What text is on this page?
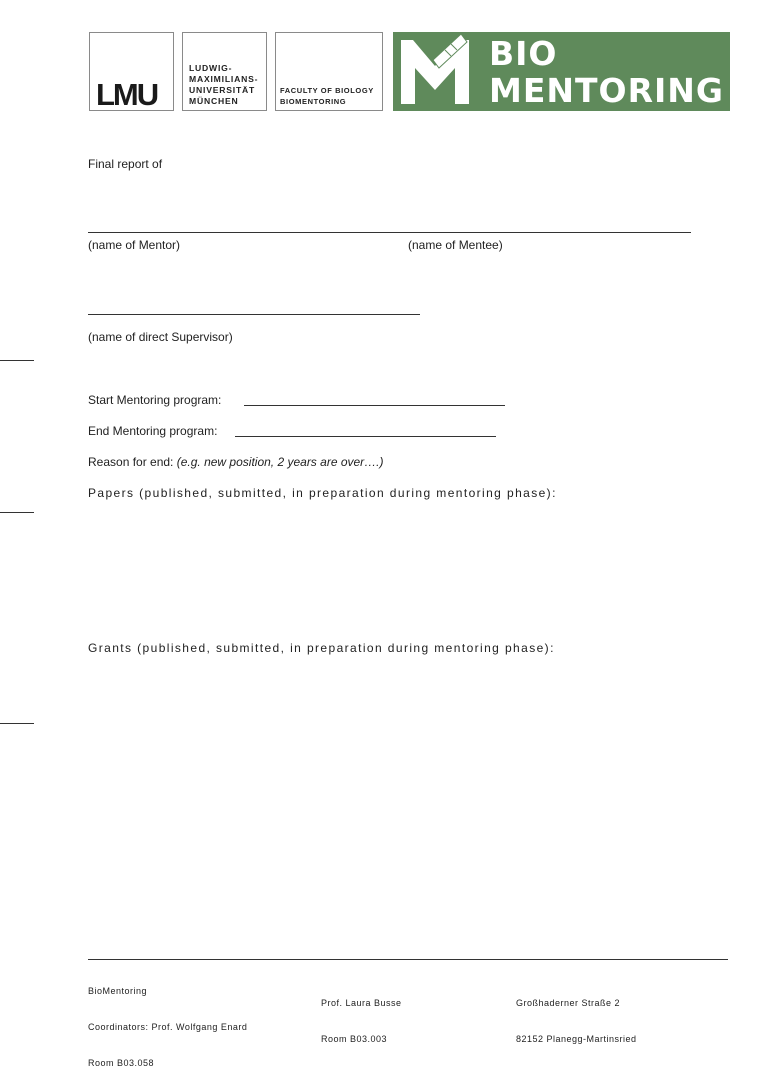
LMU
LUDWIG-
MAXIMILIANS-
UNIVERSITÄT
MÜNCHEN
FACULTY OF BIOLOGY
BIOMENTORING
BIO
MENTORING
Final report of
(name of Mentor)	(name of Mentee)
(name of direct Supervisor)
Start Mentoring program:
End Mentoring program:
Reason for end: (e.g. new position, 2 years are over….)
Papers (published, submitted, in preparation during mentoring phase):
Grants (published, submitted, in preparation during mentoring phase):

BioMentoring

Coordinators: Prof. Wolfgang Enard

Room B03.058

Prof. Laura Busse

Room B03.003

Großhaderner Straße 2

82152 Planegg-Martinsried
